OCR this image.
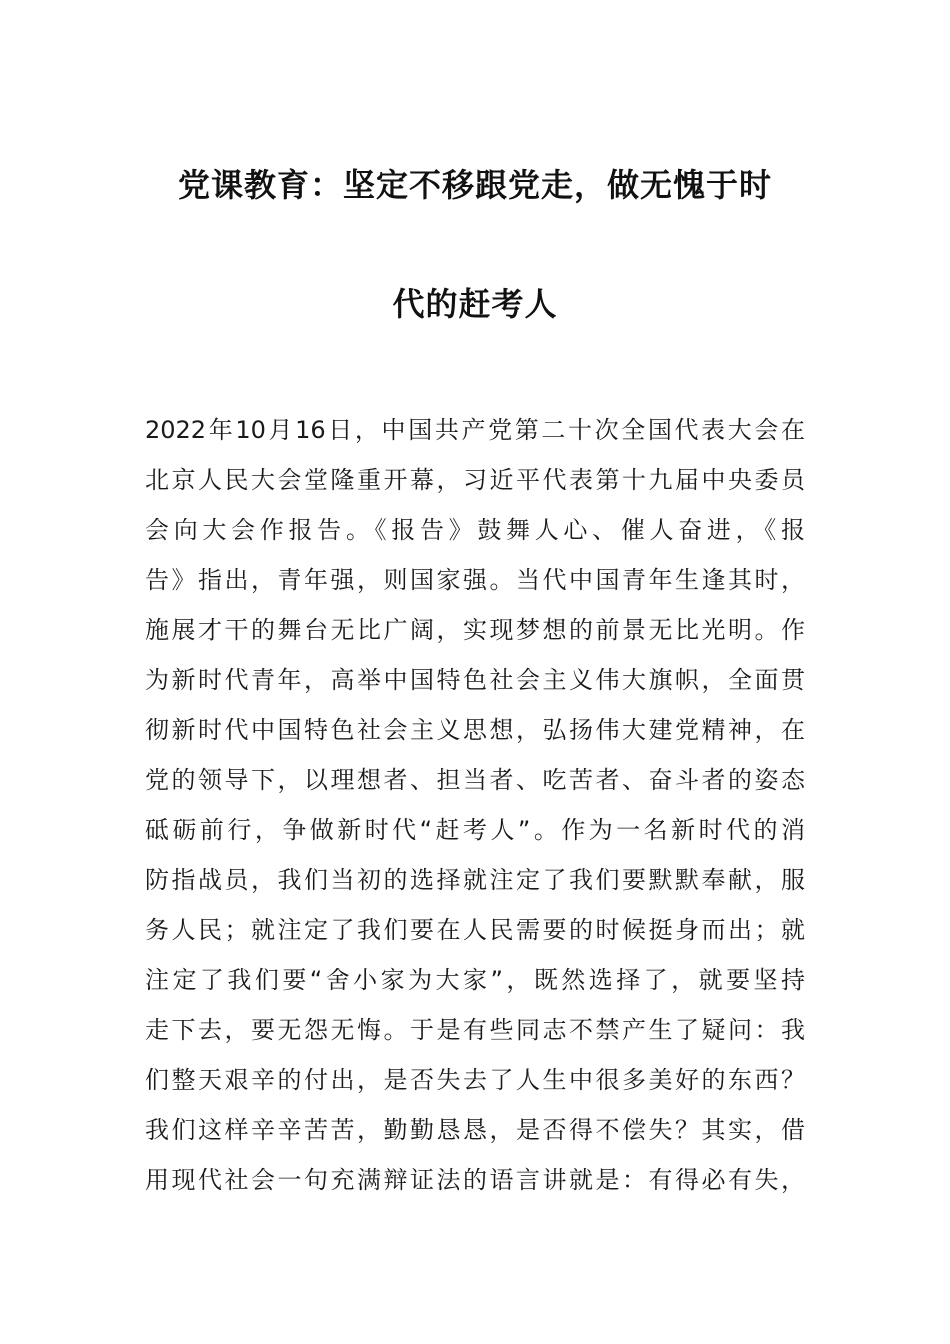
党课教育：坚定不移跟党走，做无愧于时
代的赶考人
2022年10月16日，中国共产党第二十次全国代表大会在
北京人民大会堂隆重开幕，习近平代表第十九届中央委员
会向大会作报告。《报告》鼓舞人心、催人奋进，《报
告》指出，青年强，则国家强。当代中国青年生逢其时，
施展才干的舞台无比广阔，实现梦想的前景无比光明。作
为新时代青年，高举中国特色社会主义伟大旗帜，全面贯
彻新时代中国特色社会主义思想，弘扬伟大建党精神，在
党的领导下，以理想者、担当者、吃苦者、奋斗者的姿态
砥砺前行，争做新时代“赶考人”。作为一名新时代的消
防指战员，我们当初的选择就注定了我们要默默奉献，服
务人民；就注定了我们要在人民需要的时候挺身而出；就
注定了我们要“舍小家为大家”，既然选择了，就要坚持
走下去，要无怨无悔。于是有些同志不禁产生了疑问：我
们整天艰辛的付出，是否失去了人生中很多美好的东西？
我们这样辛辛苦苦，勤勤恳恳，是否得不偿失？其实，借
用现代社会一句充满辩证法的语言讲就是：有得必有失，
